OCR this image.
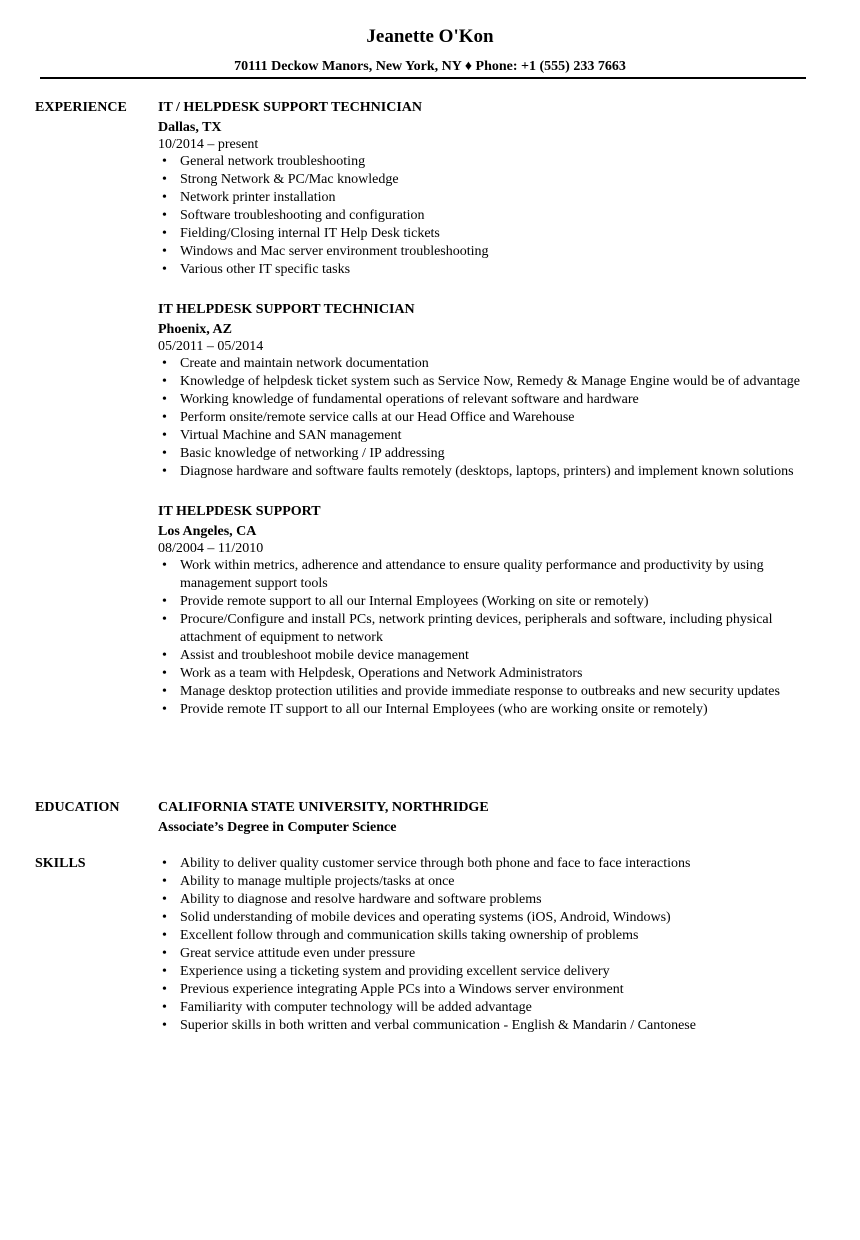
Jeanette O'Kon
70111 Deckow Manors, New York, NY ♦ Phone: +1 (555) 233 7663
EXPERIENCE IT / HELPDESK SUPPORT TECHNICIAN
Dallas, TX
10/2014 – present
• General network troubleshooting
• Strong Network & PC/Mac knowledge
• Network printer installation
• Software troubleshooting and configuration
• Fielding/Closing internal IT Help Desk tickets
• Windows and Mac server environment troubleshooting
• Various other IT specific tasks
IT HELPDESK SUPPORT TECHNICIAN
Phoenix, AZ
05/2011 – 05/2014
• Create and maintain network documentation
• Knowledge of helpdesk ticket system such as Service Now, Remedy & Manage Engine would be of advantage
• Working knowledge of fundamental operations of relevant software and hardware
• Perform onsite/remote service calls at our Head Office and Warehouse
• Virtual Machine and SAN management
• Basic knowledge of networking / IP addressing
• Diagnose hardware and software faults remotely (desktops, laptops, printers) and implement known solutions
IT HELPDESK SUPPORT
Los Angeles, CA
08/2004 – 11/2010
• Work within metrics, adherence and attendance to ensure quality performance and productivity by using management support tools
• Provide remote support to all our Internal Employees (Working on site or remotely)
• Procure/Configure and install PCs, network printing devices, peripherals and software, including physical attachment of equipment to network
• Assist and troubleshoot mobile device management
• Work as a team with Helpdesk, Operations and Network Administrators
• Manage desktop protection utilities and provide immediate response to outbreaks and new security updates
• Provide remote IT support to all our Internal Employees (who are working onsite or remotely)
EDUCATION	CALIFORNIA STATE UNIVERSITY, NORTHRIDGE
Associate’s Degree in Computer Science
SKILLS	• Ability to deliver quality customer service through both phone and face to face interactions
• Ability to manage multiple projects/tasks at once
• Ability to diagnose and resolve hardware and software problems
• Solid understanding of mobile devices and operating systems (iOS, Android, Windows)
• Excellent follow through and communication skills taking ownership of problems
• Great service attitude even under pressure
• Experience using a ticketing system and providing excellent service delivery
• Previous experience integrating Apple PCs into a Windows server environment
• Familiarity with computer technology will be added advantage
• Superior skills in both written and verbal communication - English & Mandarin / Cantonese
